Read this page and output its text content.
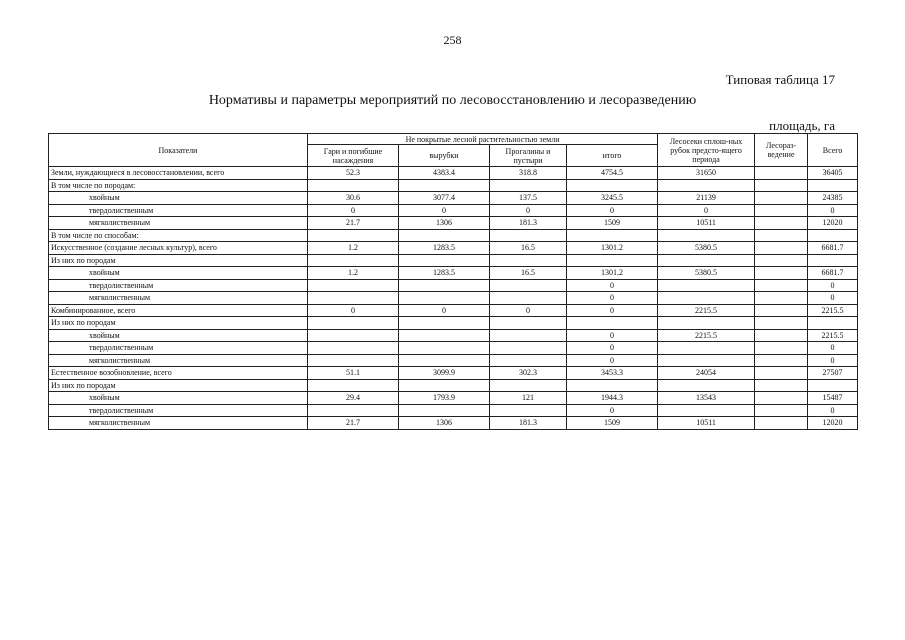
258
Типовая таблица 17
Нормативы и параметры мероприятий по лесовосстановлению и лесоразведению
площадь, га
Показатели	Не покрытые лесной растительностью земли				Лесосеки сплош-ных рубок предсто-ящего периода	Лесораз-ведение	Всего
	Гари и погибшие насаждения	вырубки	Прогалины и пустыри	итого			
Земли, нуждающиеся в лесовосстановлении, всего	52.3	4383.4	318.8	4754.5	31650		36405
В том числе по породам:							
хвойным	30.6	3077.4	137.5	3245.5	21139		24385
твердолиственным	0	0	0	0	0		0
мягколиственным	21.7	1306	181.3	1509	10511		12020
В том числе по способам:							
Искусственное (создание лесных культур), всего	1.2	1283.5	16.5	1301.2	5380.5		6681.7
Из них по породам							
хвойным	1.2	1283.5	16.5	1301.2	5380.5		6681.7
твердолиственным				0			0
мягколиственным				0			0
Комбинированное, всего	0	0	0	0	2215.5		2215.5
Из них по породам							
хвойным				0	2215.5		2215.5
твердолиственным				0			0
мягколиственным				0			0
Естественное возобновление, всего	51.1	3099.9	302.3	3453.3	24054		27507
Из них по породам							
хвойным	29.4	1793.9	121	1944.3	13543		15487
твердолиственным				0			0
мягколиственным	21.7	1306	181.3	1509	10511		12020
